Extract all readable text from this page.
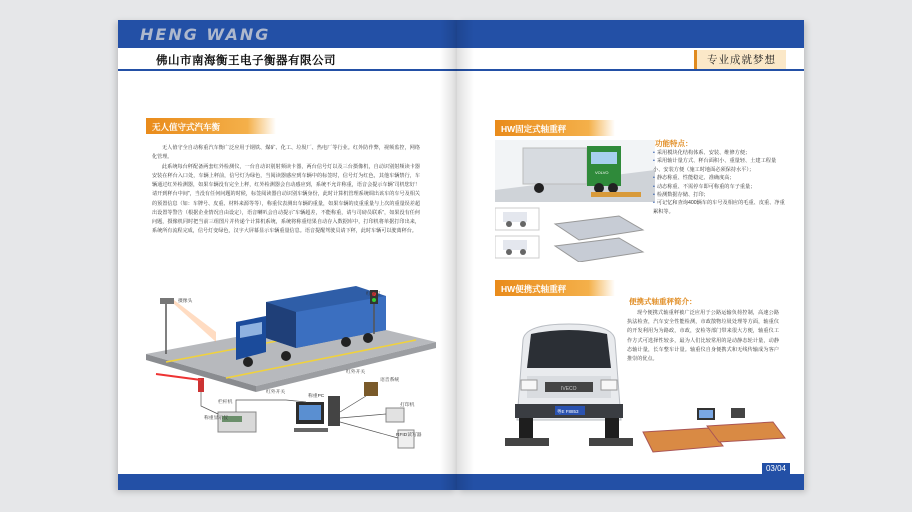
HENG WANG
佛山市南海衡王电子衡器有限公司
无人值守式汽车衡

无人值守全自动称重汽车衡广泛应用于钢铁、煤矿、化工、垃圾厂、热电厂等行业。红外防作弊，视频监控，网络化管理。

此系统每台秤配备两套红外检测仪，一台自动识别射频读卡器，两台信号灯以及三台摄像机，自动识别射频读卡器安装在秤台入口处，车辆上秤前，信号灯为绿色，当阅读器感应到车辆中的标签时，信号灯为红色，其他车辆禁行，车辆通过红外检测器，如果车辆没有完全上秤，红外检测器会自动感应到，系统不允许称重，语音会提示车辆“司机您好！请开到秤台中间”，当没有任何问题的时候，标签阅读器自动识别车辆身份，此时计算机管理系统调出该车的车号及相关的预置信息（如：车牌号、皮重、材料来源等等），称重仪表测出车辆的重量，如果车辆的皮重重量与上次的重量误差超出设置等警告（根据企业情况自由设定），语音喇叭会自动提示“车辆超差，不能称重，请与司磅员联系”，如果没有任何问题，摄像机同时把当前三组图片并传递个计算机系统，系统将称重结果自动存入数据库中，打印机将单据打印出来，系统所有流程完成，信号灯变绿色，汉字大屏幕显示车辆重量信息。语音提醒驾驶员请下秤，此时车辆可以驶离秤台。

摄像头
红绿灯
红外开关
红外开关
语音系统
称重PC
打印机
栏杆机
称重显示仪
RFID读写器
专业成就梦想
HW固定式轴重秤
VOLVO
功能特点：
• 采用模块化结构体系、安装、维修方便；
• 采用轴计量方式、秤台面积小、重量轻、土建工程量小、安装方便（施工时地面必须保持水平）；
• 静态称重、性能稳定、准确度高；
• 动态称重、不需停车即可称重的车子重量；
• 检测数据存储、打印；
• 可记忆和查询400辆车的车号及相应的毛重、皮重、净重累积等。
HW便携式轴重秤
IVECO
粤E F8853
便携式轴重秤简介：

现今便携式轴重秤被广泛应用于公路运输负荷控制，高速公路执法检查，汽车安全性能检测，市政散物垃圾处理等方面，轴重仪的开发利用为为路政，市政，安检等部门带来很大方便，轴重仪工作方式可选择性较多，最为人们比较常用的是动静态轮计量，动静态轴计量，长车整车计量。轴重仪自身便携式和无线传输成为客户推崇的优点。

03/04
